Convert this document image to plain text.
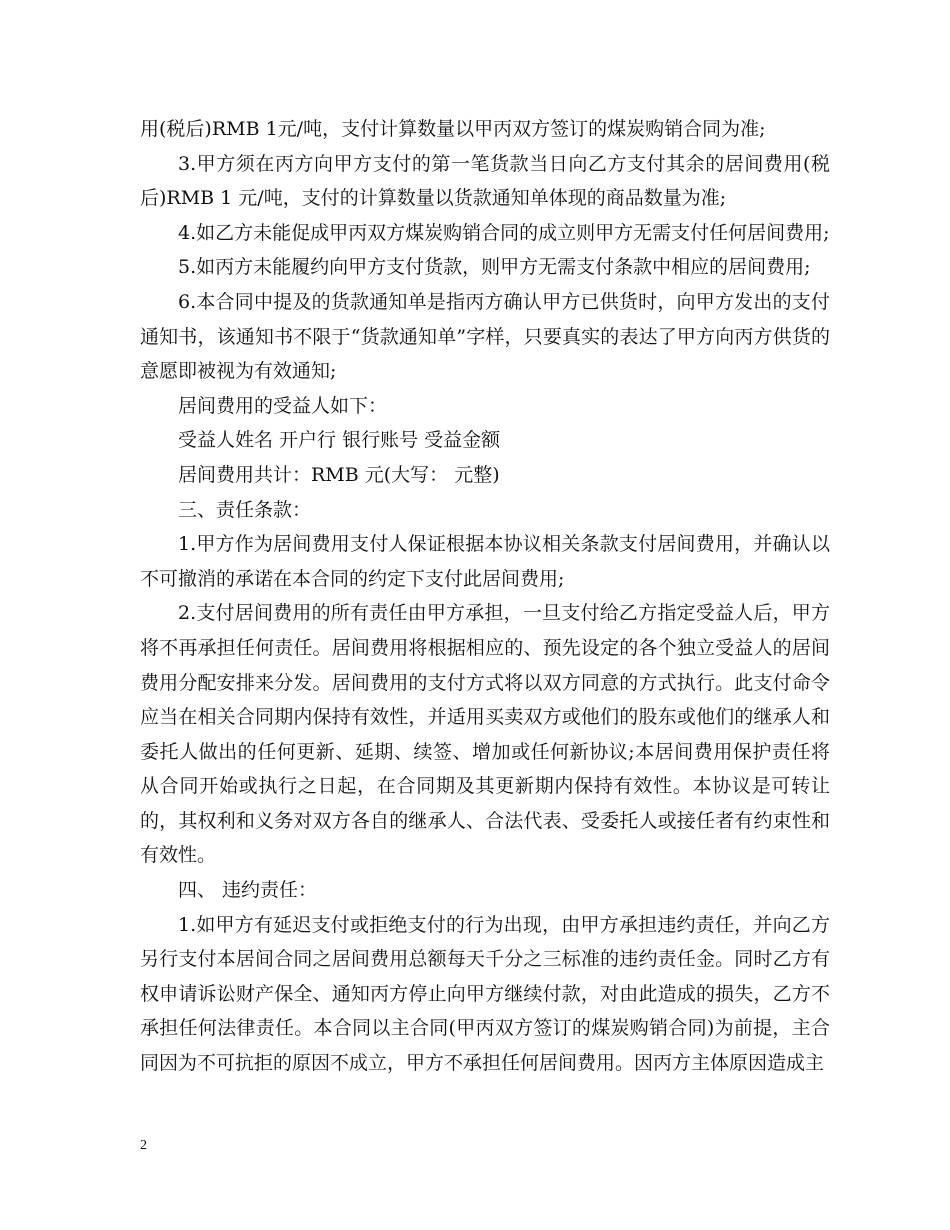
用(税后)RMB 1元/吨，支付计算数量以甲丙双方签订的煤炭购销合同为准;

3.甲方须在丙方向甲方支付的第一笔货款当日向乙方支付其余的居间费用(税后)RMB 1 元/吨，支付的计算数量以货款通知单体现的商品数量为准;

4.如乙方未能促成甲丙双方煤炭购销合同的成立则甲方无需支付任何居间费用;

5.如丙方未能履约向甲方支付货款，则甲方无需支付条款中相应的居间费用;

6.本合同中提及的货款通知单是指丙方确认甲方已供货时，向甲方发出的支付通知书，该通知书不限于“货款通知单”字样，只要真实的表达了甲方向丙方供货的意愿即被视为有效通知;

居间费用的受益人如下：

受益人姓名 开户行 银行账号 受益金额

居间费用共计：RMB 元(大写： 元整)

三、责任条款：

1.甲方作为居间费用支付人保证根据本协议相关条款支付居间费用，并确认以不可撤消的承诺在本合同的约定下支付此居间费用;

2.支付居间费用的所有责任由甲方承担，一旦支付给乙方指定受益人后，甲方将不再承担任何责任。居间费用将根据相应的、预先设定的各个独立受益人的居间费用分配安排来分发。居间费用的支付方式将以双方同意的方式执行。此支付命令应当在相关合同期内保持有效性，并适用买卖双方或他们的股东或他们的继承人和委托人做出的任何更新、延期、续签、增加或任何新协议;本居间费用保护责任将从合同开始或执行之日起，在合同期及其更新期内保持有效性。本协议是可转让的，其权利和义务对双方各自的继承人、合法代表、受委托人或接任者有约束性和有效性。

四、 违约责任：

1.如甲方有延迟支付或拒绝支付的行为出现，由甲方承担违约责任，并向乙方另行支付本居间合同之居间费用总额每天千分之三标准的违约责任金。同时乙方有权申请诉讼财产保全、通知丙方停止向甲方继续付款，对由此造成的损失，乙方不承担任何法律责任。本合同以主合同(甲丙双方签订的煤炭购销合同)为前提，主合同因为不可抗拒的原因不成立，甲方不承担任何居间费用。因丙方主体原因造成主

2
